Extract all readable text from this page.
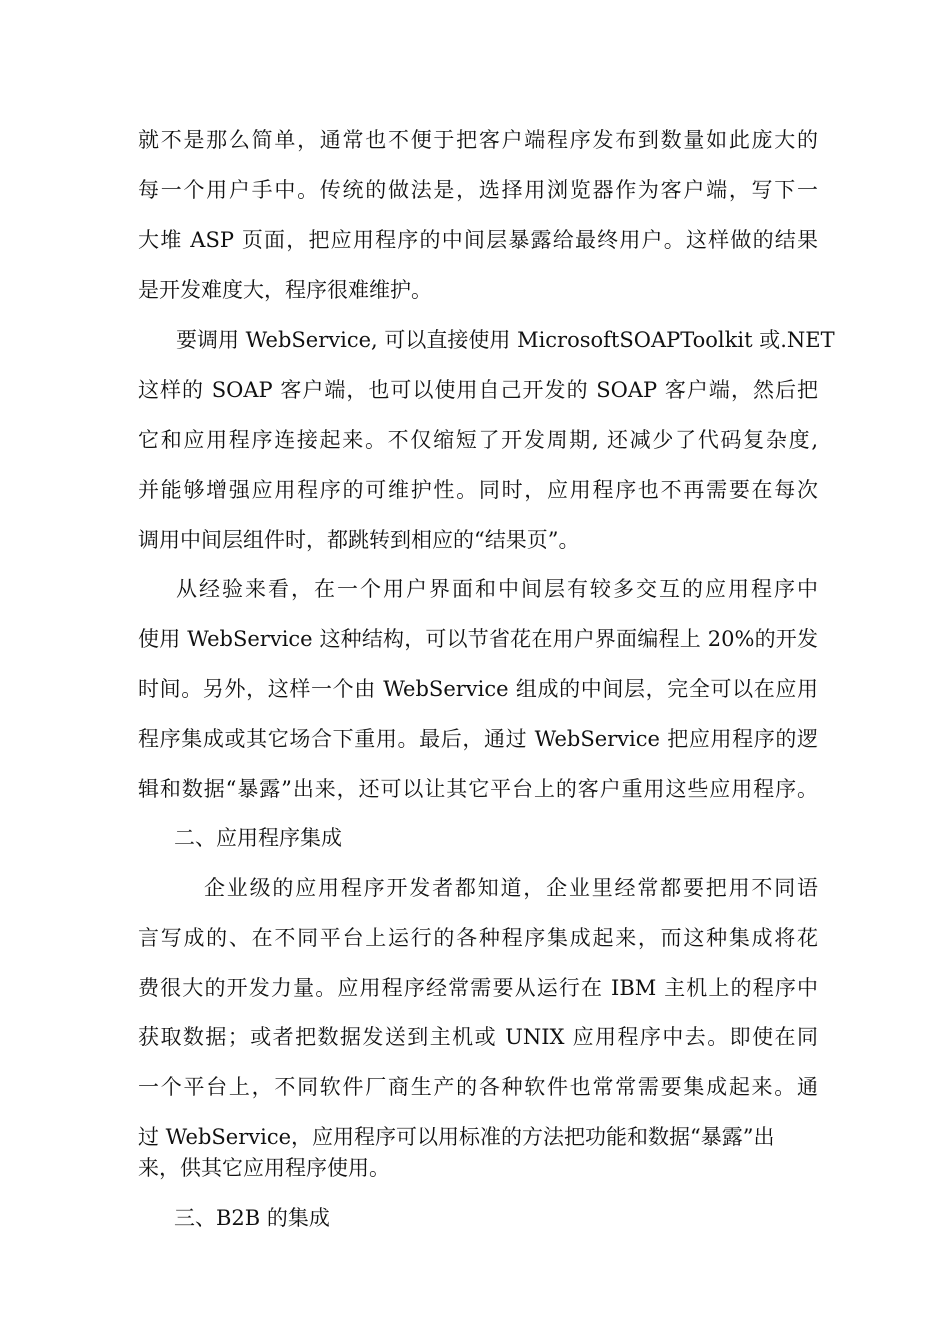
就不是那么简单，通常也不便于把客户端程序发布到数量如此庞大的
每一个用户手中。传统的做法是，选择用浏览器作为客户端，写下一
大堆 ASP 页面，把应用程序的中间层暴露给最终用户。这样做的结果
是开发难度大，程序很难维护。
要调用 WebService, 可以直接使用 MicrosoftSOAPToolkit 或.NET
这样的 SOAP 客户端，也可以使用自己开发的 SOAP 客户端，然后把
它和应用程序连接起来。不仅缩短了开发周期, 还减少了代码复杂度,
并能够增强应用程序的可维护性。同时，应用程序也不再需要在每次
调用中间层组件时，都跳转到相应的“结果页”。
从经验来看，在一个用户界面和中间层有较多交互的应用程序中
使用 WebService 这种结构，可以节省花在用户界面编程上 20%的开发
时间。另外，这样一个由 WebService 组成的中间层，完全可以在应用
程序集成或其它场合下重用。最后，通过 WebService 把应用程序的逻
辑和数据“暴露”出来，还可以让其它平台上的客户重用这些应用程序。
二、应用程序集成
企业级的应用程序开发者都知道，企业里经常都要把用不同语
言写成的、在不同平台上运行的各种程序集成起来，而这种集成将花
费很大的开发力量。应用程序经常需要从运行在 IBM 主机上的程序中
获取数据；或者把数据发送到主机或 UNIX 应用程序中去。即使在同
一个平台上，不同软件厂商生产的各种软件也常常需要集成起来。通
过 WebService，应用程序可以用标准的方法把功能和数据“暴露”出
来，供其它应用程序使用。
三、B2B 的集成
